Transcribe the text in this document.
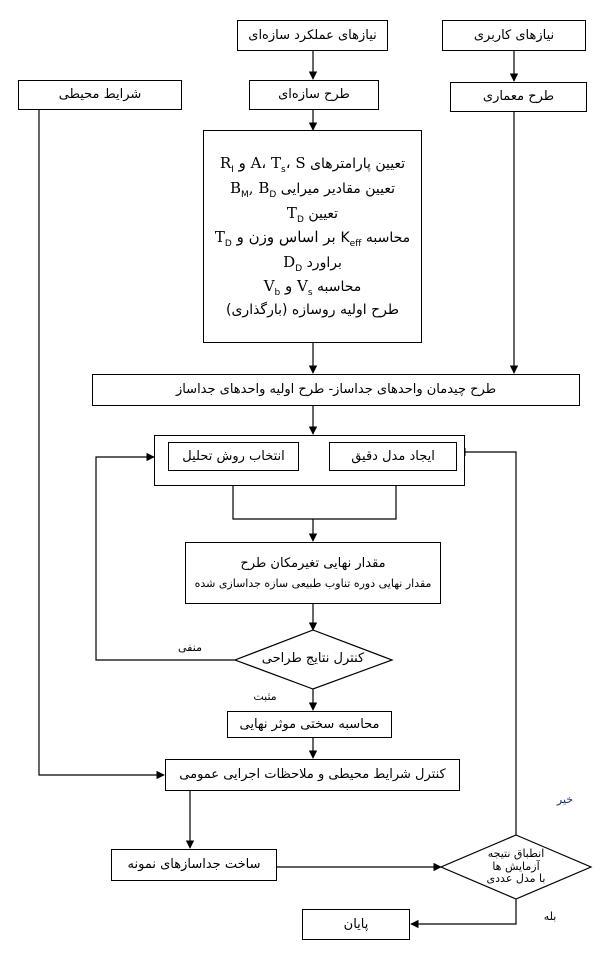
نیازهای عملکرد سازه‌ای	نیازهای کاربری
شرایط محیطی	طرح سازه‌ای	طرح معماری
تعیین پارامترهای A، $T_s،$ S و $R_I$
تعیین مقادیر میرایی $B_M$, $B_D$
تعیین $T_D$
محاسبه $K_{eff}$ بر اساس وزن و $T_D$
براورد $D_D$
محاسبه $V_s$ و $V_b$
طرح اولیه روسازه (بارگذاری)
طرح چیدمان واحدهای جداساز- طرح اولیه واحدهای جداساز
انتخاب روش تحلیل	ایجاد مدل دقیق
مقدار نهایی تغیرمکان طرح
مقدار نهایی دوره تناوب طبیعی سازه جداسازی شده
کنترل نتایج طراحی
منفی
مثبت
محاسبه سختی موثر نهایی
کنترل شرایط محیطی و ملاحظات اجرایی عمومی
ساخت جداسازهای نمونه
انطباق نتیجه
آزمایش ها
با مدل عددی
خیر
بله
پایان
